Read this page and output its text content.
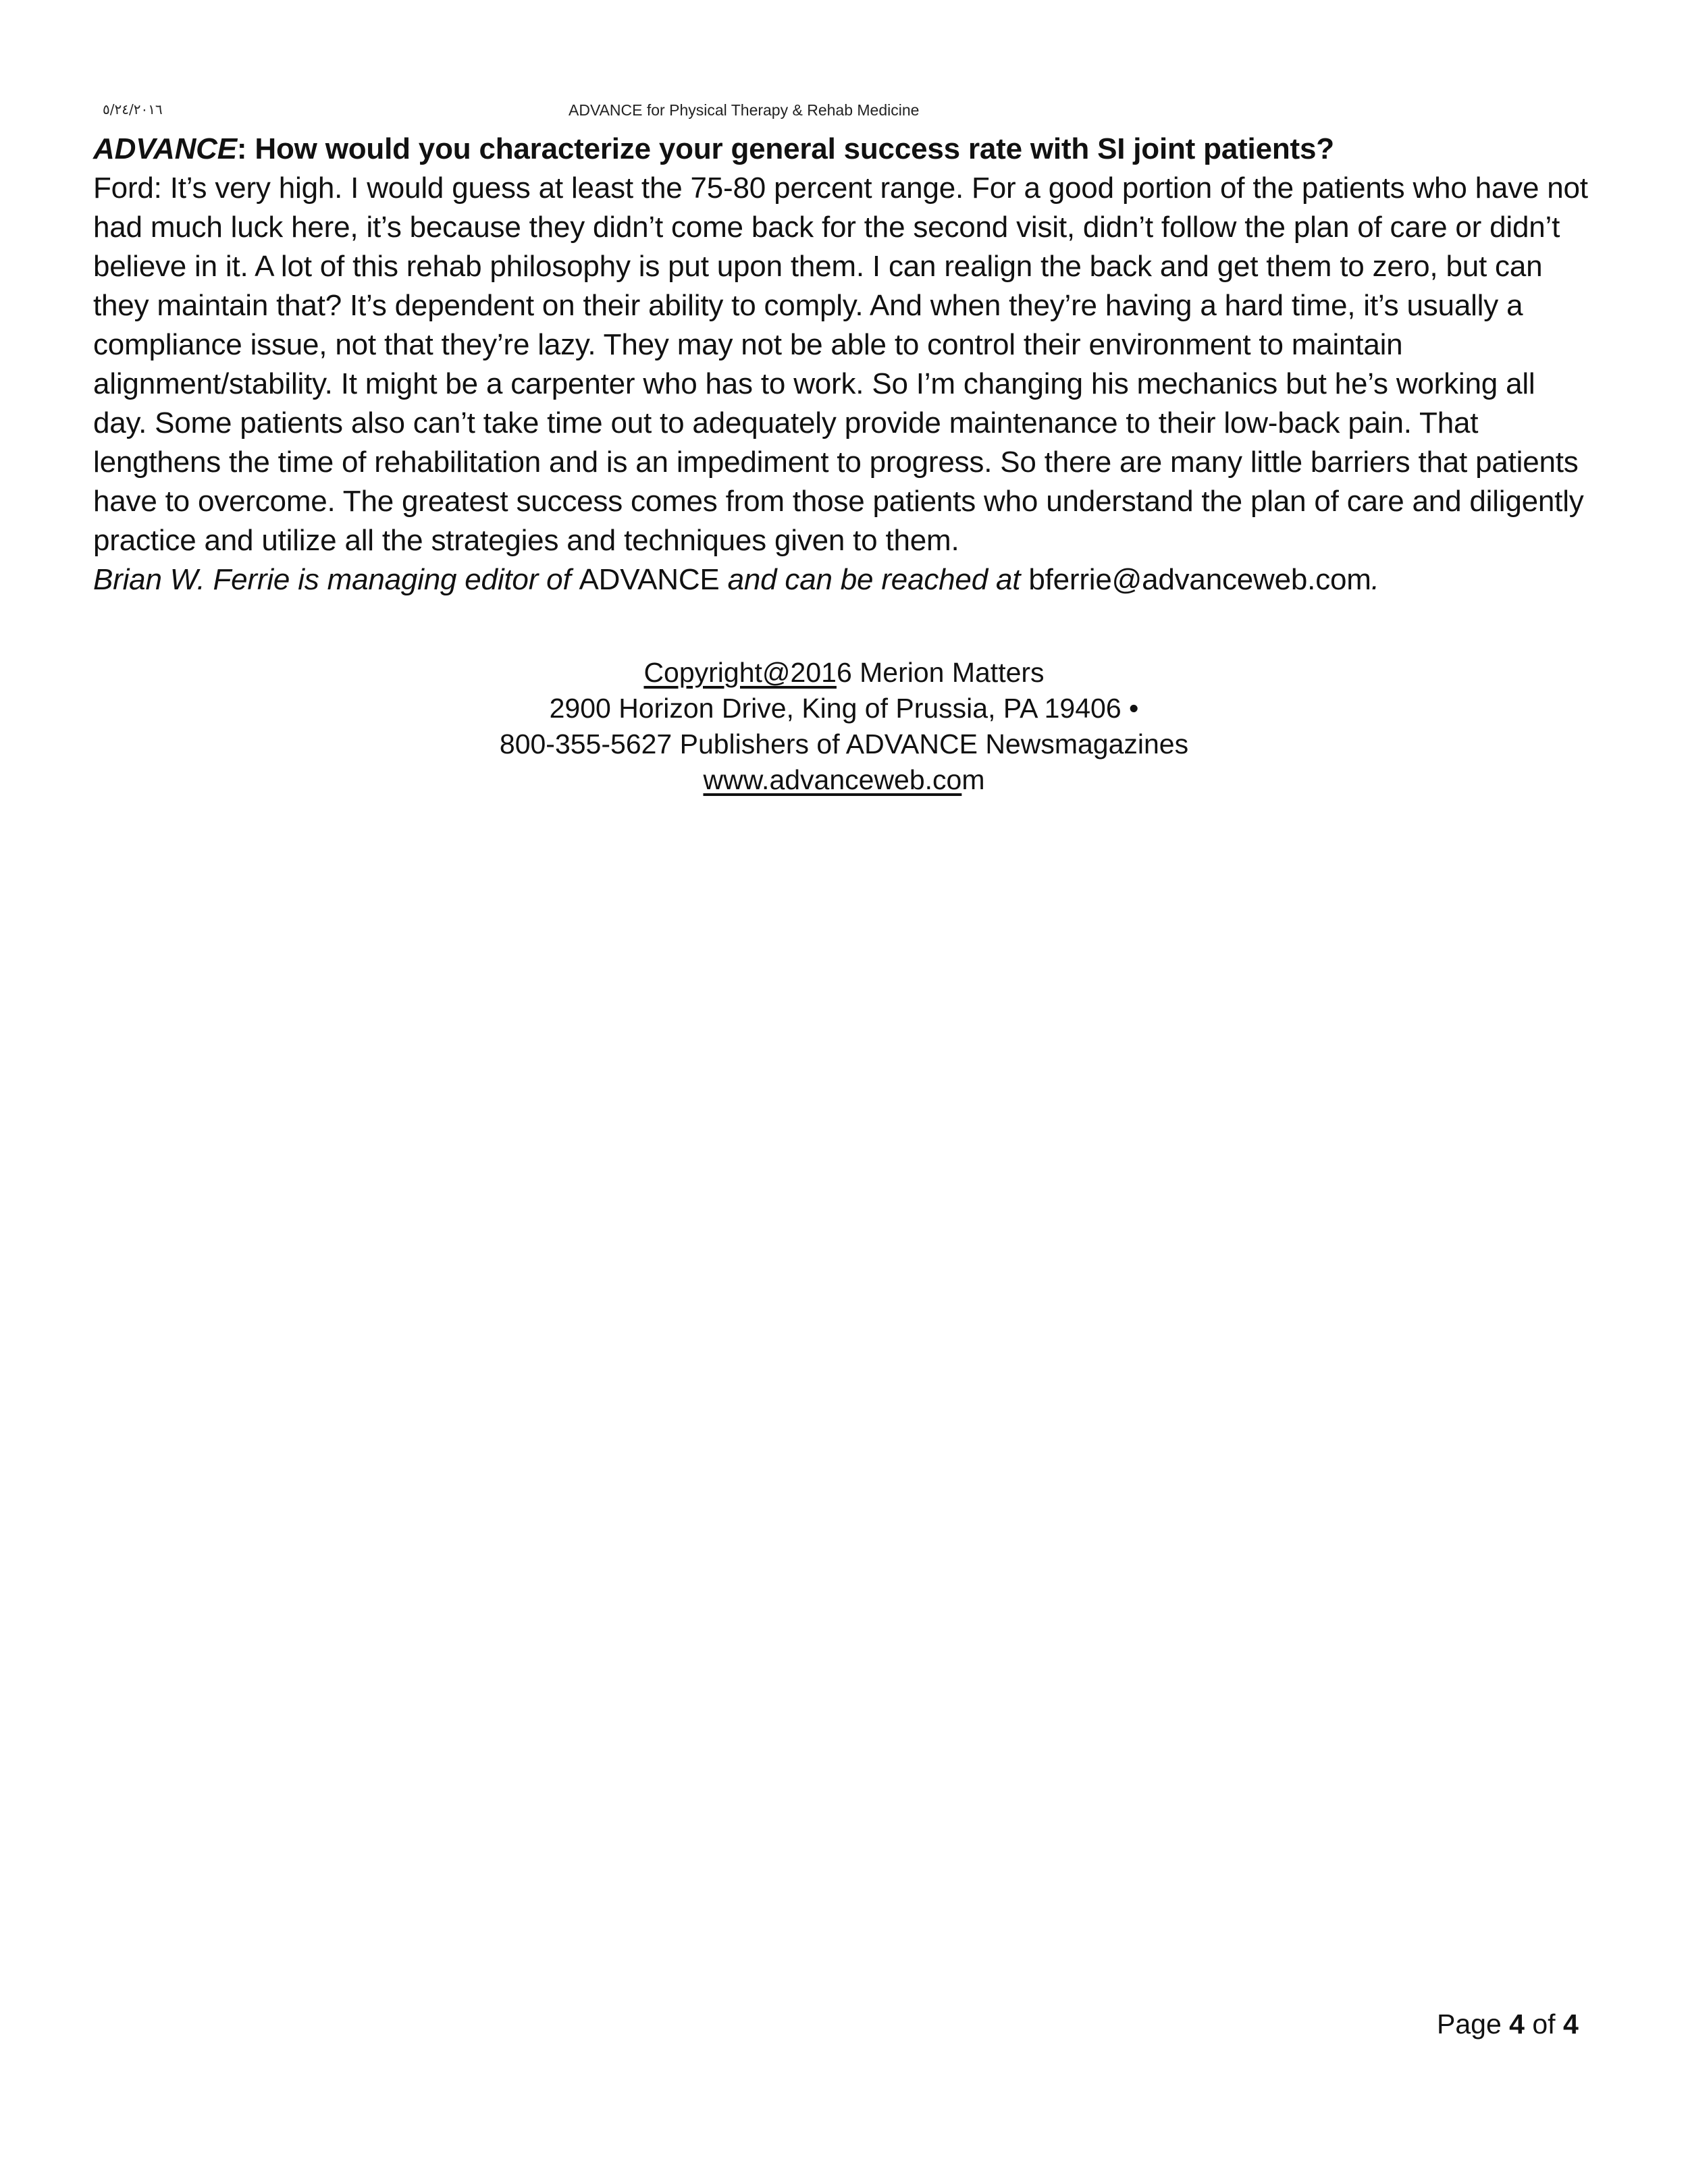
٥/٢٤/٢٠١٦	ADVANCE for Physical Therapy & Rehab Medicine

ADVANCE: How would you characterize your general success rate with SI joint patients?

Ford: It’s very high. I would guess at least the 75-80 percent range. For a good portion of the patients who have not had much luck here, it’s because they didn’t come back for the second visit, didn’t follow the plan of care or didn’t believe in it. A lot of this rehab philosophy is put upon them. I can realign the back and get them to zero, but can they maintain that? It’s dependent on their ability to comply. And when they’re having a hard time, it’s usually a compliance issue, not that they’re lazy. They may not be able to control their environment to maintain alignment/stability. It might be a carpenter who has to work. So I’m changing his mechanics but he’s working all day. Some patients also can’t take time out to adequately provide maintenance to their low-back pain. That lengthens the time of rehabilitation and is an impediment to progress. So there are many little barriers that patients have to overcome. The greatest success comes from those patients who understand the plan of care and diligently practice and utilize all the strategies and techniques given to them.

Brian W. Ferrie is managing editor of ADVANCE and can be reached at bferrie@advanceweb.com.

Copyright@2016 Merion Matters
2900 Horizon Drive, King of Prussia, PA 19406 •
800-355-5627 Publishers of ADVANCE Newsmagazines
www.advanceweb.com
Page 4 of 4
